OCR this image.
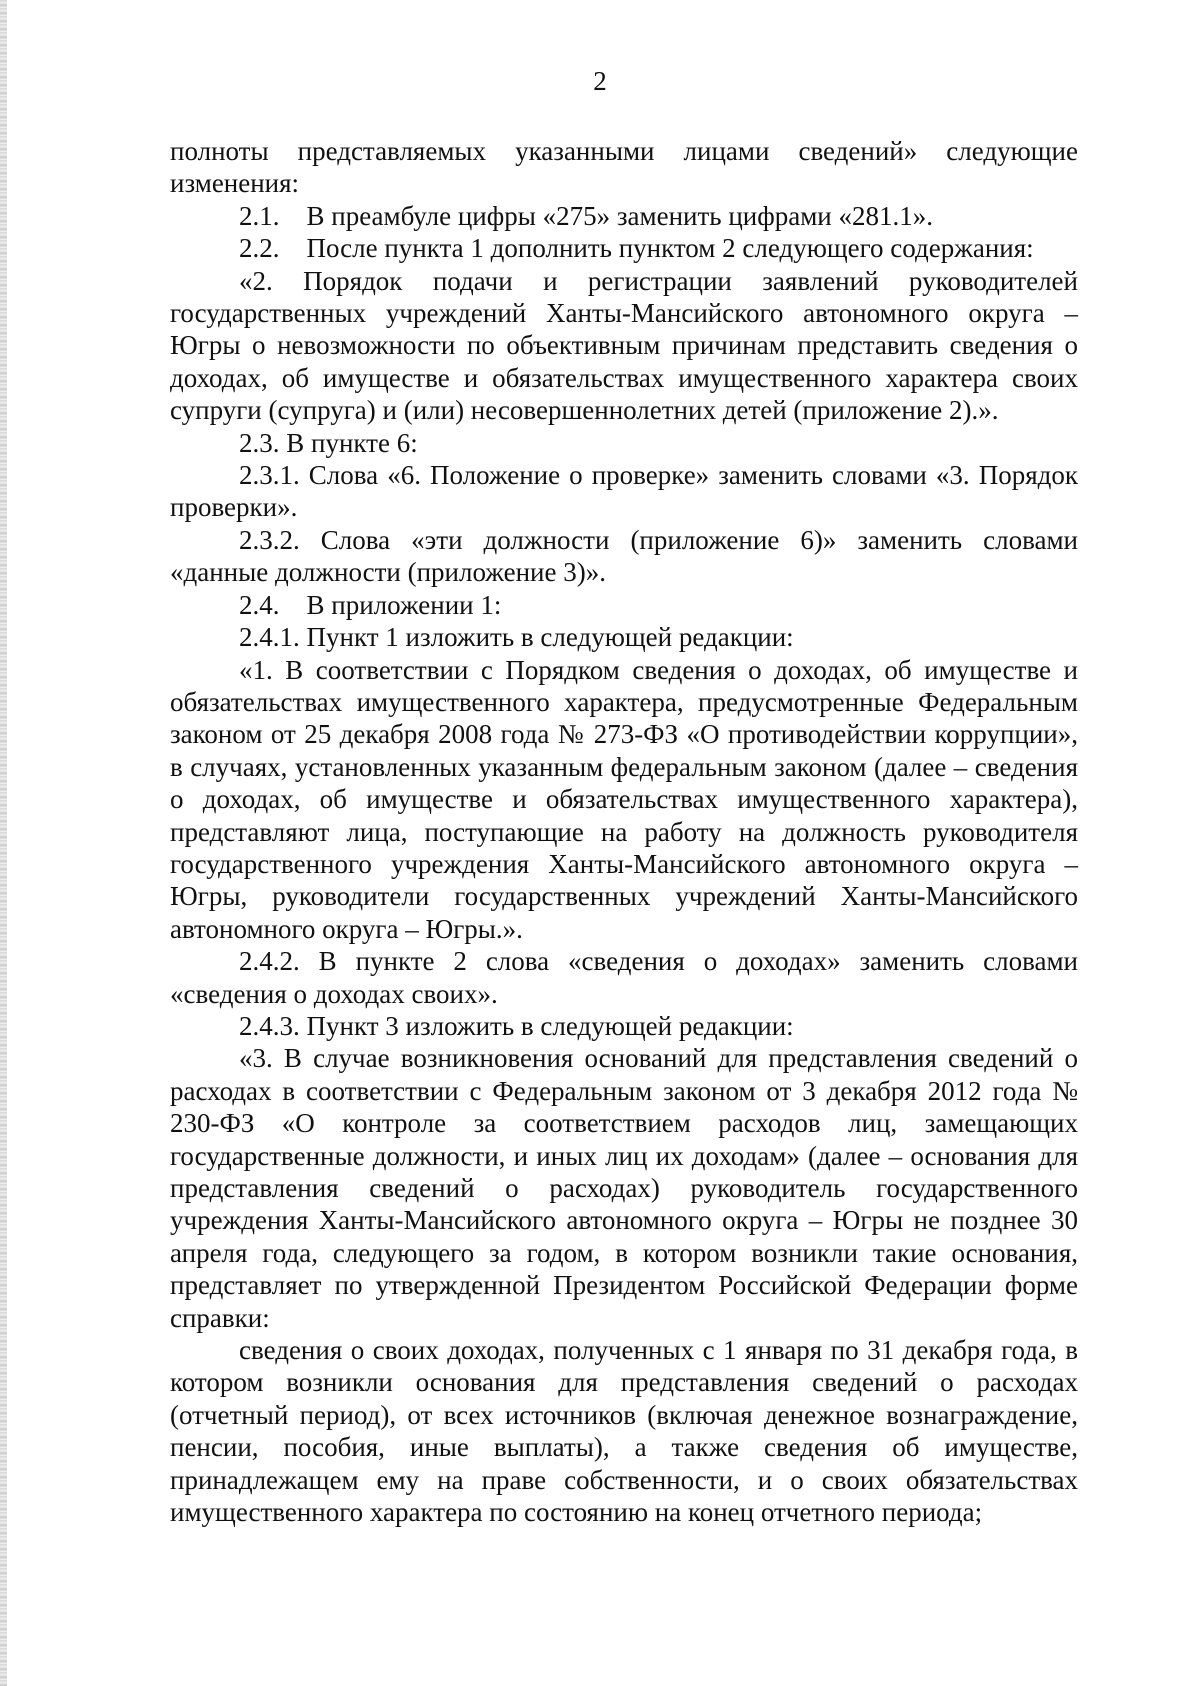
2

полноты представляемых указанными лицами сведений» следующие изменения:

2.1. В преамбуле цифры «275» заменить цифрами «281.1».

2.2. После пункта 1 дополнить пунктом 2 следующего содержания:

«2. Порядок подачи и регистрации заявлений руководителей государственных учреждений Ханты-Мансийского автономного округа – Югры о невозможности по объективным причинам представить сведения о доходах, об имуществе и обязательствах имущественного характера своих супруги (супруга) и (или) несовершеннолетних детей (приложение 2).».

2.3. В пункте 6:

2.3.1. Слова «6. Положение о проверке» заменить словами «3. Порядок проверки».

2.3.2. Слова «эти должности (приложение 6)» заменить словами «данные должности (приложение 3)».

2.4. В приложении 1:

2.4.1. Пункт 1 изложить в следующей редакции:

«1. В соответствии с Порядком сведения о доходах, об имуществе и обязательствах имущественного характера, предусмотренные Федеральным законом от 25 декабря 2008 года № 273-ФЗ «О противодействии коррупции», в случаях, установленных указанным федеральным законом (далее – сведения о доходах, об имуществе и обязательствах имущественного характера), представляют лица, поступающие на работу на должность руководителя государственного учреждения Ханты-Мансийского автономного округа – Югры, руководители государственных учреждений Ханты-Мансийского автономного округа – Югры.».

2.4.2. В пункте 2 слова «сведения о доходах» заменить словами «сведения о доходах своих».

2.4.3. Пункт 3 изложить в следующей редакции:

«3. В случае возникновения оснований для представления сведений о расходах в соответствии с Федеральным законом от 3 декабря 2012 года № 230-ФЗ «О контроле за соответствием расходов лиц, замещающих государственные должности, и иных лиц их доходам» (далее – основания для представления сведений о расходах) руководитель государственного учреждения Ханты-Мансийского автономного округа – Югры не позднее 30 апреля года, следующего за годом, в котором возникли такие основания, представляет по утвержденной Президентом Российской Федерации форме справки:

сведения о своих доходах, полученных с 1 января по 31 декабря года, в котором возникли основания для представления сведений о расходах (отчетный период), от всех источников (включая денежное вознаграждение, пенсии, пособия, иные выплаты), а также сведения об имуществе, принадлежащем ему на праве собственности, и о своих обязательствах имущественного характера по состоянию на конец отчетного периода;
